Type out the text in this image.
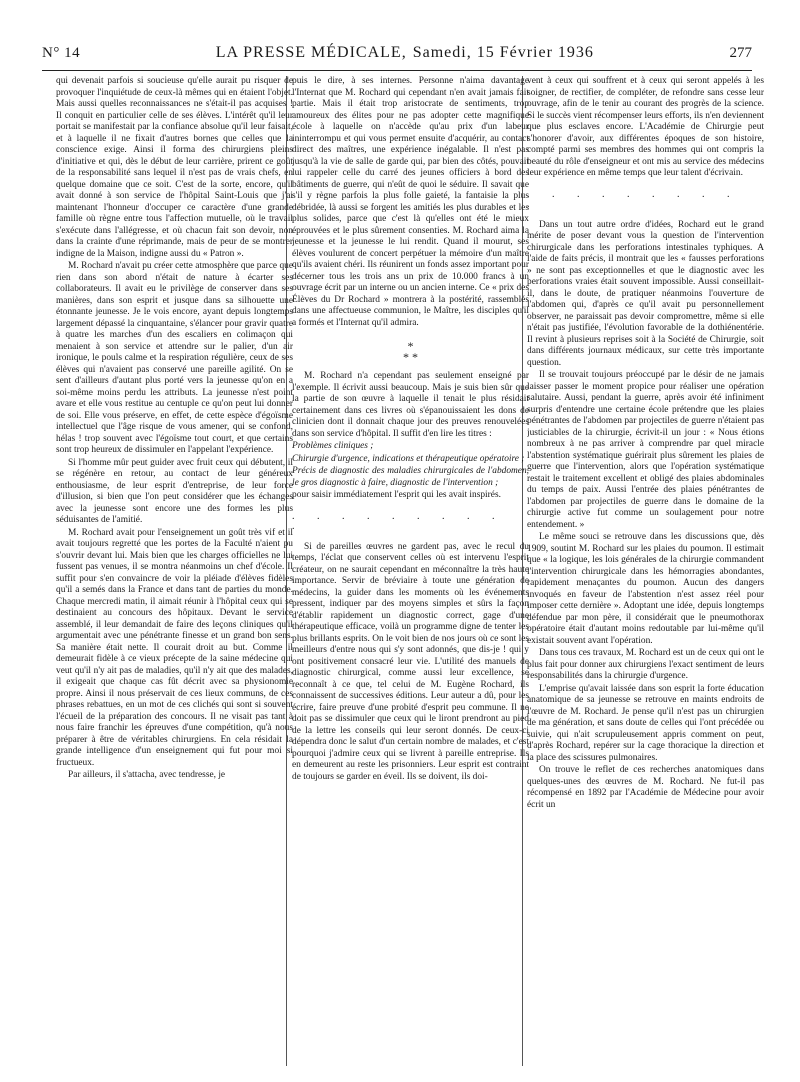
N° 14	LA PRESSE MÉDICALE, Samedi, 15 Février 1936	277

qui devenait parfois si soucieuse qu'elle aurait pu risquer de provoquer l'inquiétude de ceux-là mêmes qui en étaient l'objet. Mais aussi quelles reconnaissances ne s'était-il pas acquises ! Il conquit en particulier celle de ses élèves. L'intérêt qu'il leur portait se manifestait par la confiance absolue qu'il leur faisait, et à laquelle il ne fixait d'autres bornes que celles que la conscience exige. Ainsi il forma des chirurgiens pleins d'initiative et qui, dès le début de leur carrière, prirent ce goût de la responsabilité sans lequel il n'est pas de vrais chefs, en quelque domaine que ce soit. C'est de la sorte, encore, qu'il avait donné à son service de l'hôpital Saint-Louis que j'ai maintenant l'honneur d'occuper ce caractère d'une grande famille où règne entre tous l'affection mutuelle, où le travail s'exécute dans l'allégresse, et où chacun fait son devoir, non dans la crainte d'une réprimande, mais de peur de se montrer indigne de la Maison, indigne aussi du « Patron ».

M. Rochard n'avait pu créer cette atmosphère que parce que rien dans son abord n'était de nature à écarter ses collaborateurs. Il avait eu le privilège de conserver dans ses manières, dans son esprit et jusque dans sa silhouette une étonnante jeunesse. Je le vois encore, ayant depuis longtemps largement dépassé la cinquantaine, s'élancer pour gravir quatre à quatre les marches d'un des escaliers en colimaçon qui menaient à son service et attendre sur le palier, d'un air ironique, le pouls calme et la respiration régulière, ceux de ses élèves qui n'avaient pas conservé une pareille agilité. On se sent d'ailleurs d'autant plus porté vers la jeunesse qu'on en a soi-même moins perdu les attributs. La jeunesse n'est point avare et elle vous restitue au centuple ce qu'on peut lui donner de soi. Elle vous préserve, en effet, de cette espèce d'égoïsme intellectuel que l'âge risque de vous amener, qui se confond, hélas ! trop souvent avec l'égoïsme tout court, et que certains sont trop heureux de dissimuler en l'appelant l'expérience.

Si l'homme mûr peut guider avec fruit ceux qui débutent, il se régénère en retour, au contact de leur généreux enthousiasme, de leur esprit d'entreprise, de leur force d'illusion, si bien que l'on peut considérer que les échanges avec la jeunesse sont encore une des formes les plus séduisantes de l'amitié.

M. Rochard avait pour l'enseignement un goût très vif et il avait toujours regretté que les portes de la Faculté n'aient pu s'ouvrir devant lui. Mais bien que les charges officielles ne lui fussent pas venues, il se montra néanmoins un chef d'école. Il suffit pour s'en convaincre de voir la pléiade d'élèves fidèles qu'il a semés dans la France et dans tant de parties du monde. Chaque mercredi matin, il aimait réunir à l'hôpital ceux qui se destinaient au concours des hôpitaux. Devant le service assemblé, il leur demandait de faire des leçons cliniques qu'il argumentait avec une pénétrante finesse et un grand bon sens. Sa manière était nette. Il courait droit au but. Comme il demeurait fidèle à ce vieux précepte de la saine médecine qui veut qu'il n'y ait pas de maladies, qu'il n'y ait que des malades, il exigeait que chaque cas fût décrit avec sa physionomie propre. Ainsi il nous préservait de ces lieux communs, de ces phrases rebattues, en un mot de ces clichés qui sont si souvent l'écueil de la préparation des concours. Il ne visait pas tant à nous faire franchir les épreuves d'une compétition, qu'à nous préparer à être de véritables chirurgiens. En cela résidait la grande intelligence d'un enseignement qui fut pour moi si fructueux.

Par ailleurs, il s'attacha, avec tendresse, je

puis le dire, à ses internes. Personne n'aima davantage l'Internat que M. Rochard qui cependant n'en avait jamais fait partie. Mais il était trop aristocrate de sentiments, trop amoureux des élites pour ne pas adopter cette magnifique école à laquelle on n'accède qu'au prix d'un labeur ininterrompu et qui vous permet ensuite d'acquérir, au contact direct des maîtres, une expérience inégalable. Il n'est pas jusqu'à la vie de salle de garde qui, par bien des côtés, pouvait lui rappeler celle du carré des jeunes officiers à bord des bâtiments de guerre, qui n'eût de quoi le séduire. Il savait que s'il y règne parfois la plus folle gaieté, la fantaisie la plus débridée, là aussi se forgent les amitiés les plus durables et les plus solides, parce que c'est là qu'elles ont été le mieux éprouvées et le plus sûrement consenties. M. Rochard aima la jeunesse et la jeunesse le lui rendit. Quand il mourut, ses élèves voulurent de concert perpétuer la mémoire d'un maître qu'ils avaient chéri. Ils réunirent un fonds assez important pour décerner tous les trois ans un prix de 10.000 francs à un ouvrage écrit par un interne ou un ancien interne. Ce « prix des Élèves du Dr Rochard » montrera à la postérité, rassemblés dans une affectueuse communion, le Maître, les disciples qu'il a formés et l'Internat qu'il admira.

*
* *

M. Rochard n'a cependant pas seulement enseigné par l'exemple. Il écrivit aussi beaucoup. Mais je suis bien sûr que la partie de son œuvre à laquelle il tenait le plus résidait certainement dans ces livres où s'épanouissaient les dons de clinicien dont il donnait chaque jour des preuves renouvelées dans son service d'hôpital. Il suffit d'en lire les titres :

Problèmes cliniques ;

Chirurgie d'urgence, indications et thérapeutique opératoire ;

Précis de diagnostic des maladies chirurgicales de l'abdomen, le gros diagnostic à faire, diagnostic de l'intervention ;

pour saisir immédiatement l'esprit qui les avait inspirés.

. . . . . . . . . .

Si de pareilles œuvres ne gardent pas, avec le recul du temps, l'éclat que conservent celles où est intervenu l'esprit créateur, on ne saurait cependant en méconnaître la très haute importance. Servir de bréviaire à toute une génération de médecins, la guider dans les moments où les événements pressent, indiquer par des moyens simples et sûrs la façon d'établir rapidement un diagnostic correct, gage d'une thérapeutique efficace, voilà un programme digne de tenter les plus brillants esprits. On le voit bien de nos jours où ce sont les meilleurs d'entre nous qui s'y sont adonnés, que dis-je ! qui y ont positivement consacré leur vie. L'utilité des manuels de diagnostic chirurgical, comme aussi leur excellence, se reconnaît à ce que, tel celui de M. Eugène Rochard, ils connaissent de successives éditions. Leur auteur a dû, pour les écrire, faire preuve d'une probité d'esprit peu commune. Il ne doit pas se dissimuler que ceux qui le liront prendront au pied de la lettre les conseils qui leur seront donnés. De ceux-ci dépendra donc le salut d'un certain nombre de malades, et c'est pourquoi j'admire ceux qui se livrent à pareille entreprise. Ils en demeurent au reste les prisonniers. Leur esprit est contraint de toujours se garder en éveil. Ils se doivent, ils doi-

vent à ceux qui souffrent et à ceux qui seront appelés à les soigner, de rectifier, de compléter, de refondre sans cesse leur ouvrage, afin de le tenir au courant des progrès de la science. Si le succès vient récompenser leurs efforts, ils n'en deviennent que plus esclaves encore. L'Académie de Chirurgie peut s'honorer d'avoir, aux différentes époques de son histoire, compté parmi ses membres des hommes qui ont compris la beauté du rôle d'enseigneur et ont mis au service des médecins leur expérience en même temps que leur talent d'écrivain.

. . . . . . . . . .

Dans un tout autre ordre d'idées, Rochard eut le grand mérite de poser devant vous la question de l'intervention chirurgicale dans les perforations intestinales typhiques. A l'aide de faits précis, il montrait que les « fausses perforations » ne sont pas exceptionnelles et que le diagnostic avec les perforations vraies était souvent impossible. Aussi conseillait-il, dans le doute, de pratiquer néanmoins l'ouverture de l'abdomen qui, d'après ce qu'il avait pu personnellement observer, ne paraissait pas devoir compromettre, même si elle n'était pas justifiée, l'évolution favorable de la dothiénentérie. Il revint à plusieurs reprises soit à la Société de Chirurgie, soit dans différents journaux médicaux, sur cette très importante question.

Il se trouvait toujours préoccupé par le désir de ne jamais laisser passer le moment propice pour réaliser une opération salutaire. Aussi, pendant la guerre, après avoir été infiniment surpris d'entendre une certaine école prétendre que les plaies pénétrantes de l'abdomen par projectiles de guerre n'étaient pas justiciables de la chirurgie, écrivit-il un jour : « Nous étions nombreux à ne pas arriver à comprendre par quel miracle l'abstention systématique guérirait plus sûrement les plaies de guerre que l'intervention, alors que l'opération systématique restait le traitement excellent et obligé des plaies abdominales du temps de paix. Aussi l'entrée des plaies pénétrantes de l'abdomen par projectiles de guerre dans le domaine de la chirurgie active fut comme un soulagement pour notre entendement. »

Le même souci se retrouve dans les discussions que, dès 1909, soutint M. Rochard sur les plaies du poumon. Il estimait que « la logique, les lois générales de la chirurgie commandent l'intervention chirurgicale dans les hémorragies abondantes, rapidement menaçantes du poumon. Aucun des dangers invoqués en faveur de l'abstention n'est assez réel pour imposer cette dernière ». Adoptant une idée, depuis longtemps défendue par mon père, il considérait que le pneumothorax opératoire était d'autant moins redoutable par lui-même qu'il existait souvent avant l'opération.

Dans tous ces travaux, M. Rochard est un de ceux qui ont le plus fait pour donner aux chirurgiens l'exact sentiment de leurs responsabilités dans la chirurgie d'urgence.

L'emprise qu'avait laissée dans son esprit la forte éducation anatomique de sa jeunesse se retrouve en maints endroits de l'œuvre de M. Rochard. Je pense qu'il n'est pas un chirurgien de ma génération, et sans doute de celles qui l'ont précédée ou suivie, qui n'ait scrupuleusement appris comment on peut, d'après Rochard, repérer sur la cage thoracique la direction et la place des scissures pulmonaires.

On trouve le reflet de ces recherches anatomiques dans quelques-unes des œuvres de M. Rochard. Ne fut-il pas récompensé en 1892 par l'Académie de Médecine pour avoir écrit un
